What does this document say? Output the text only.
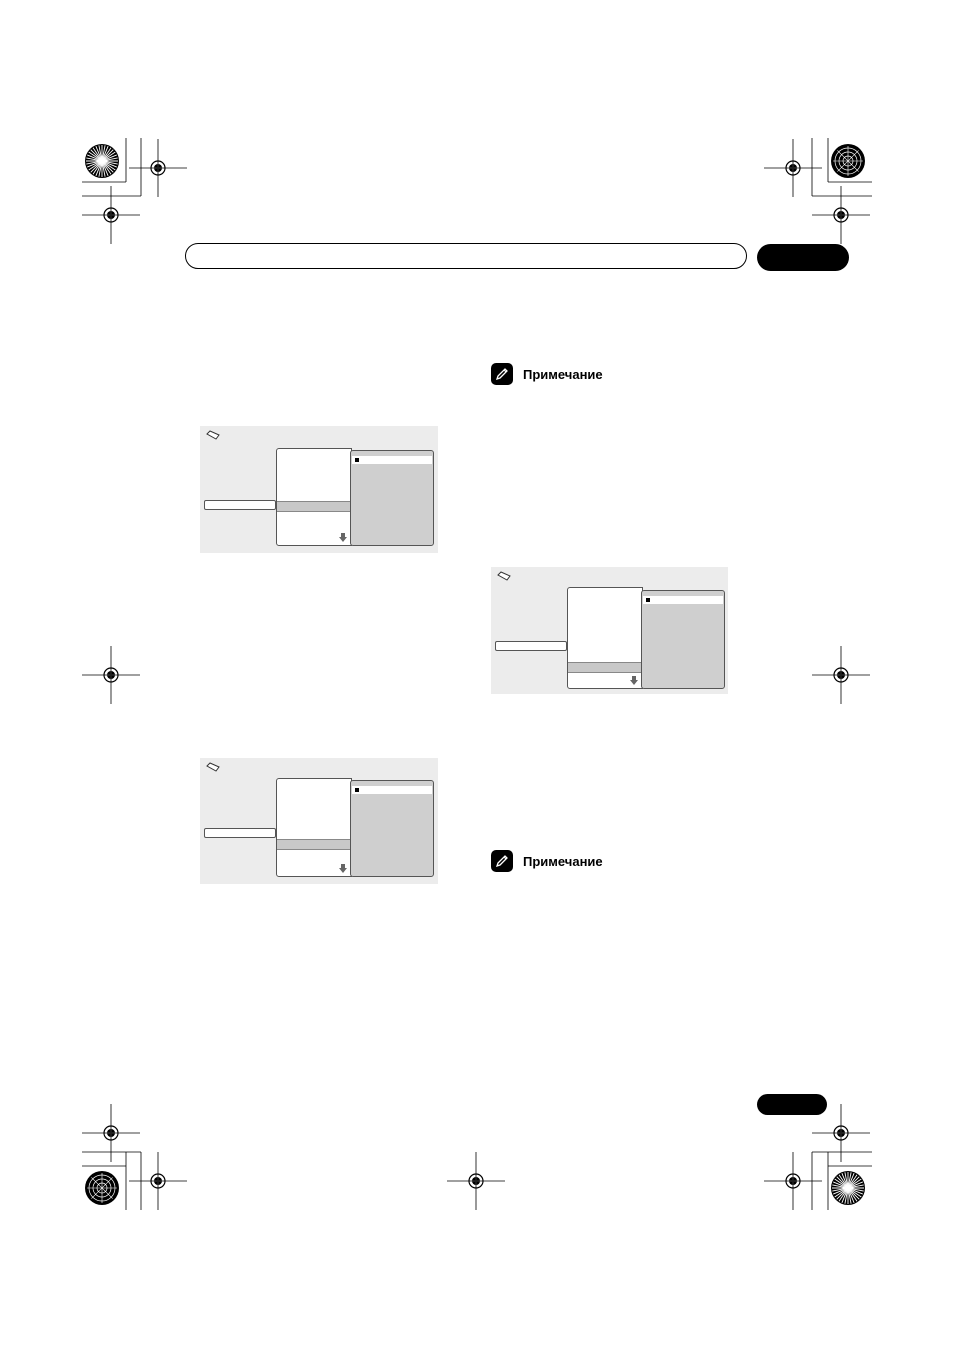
Примечание
Примечание
